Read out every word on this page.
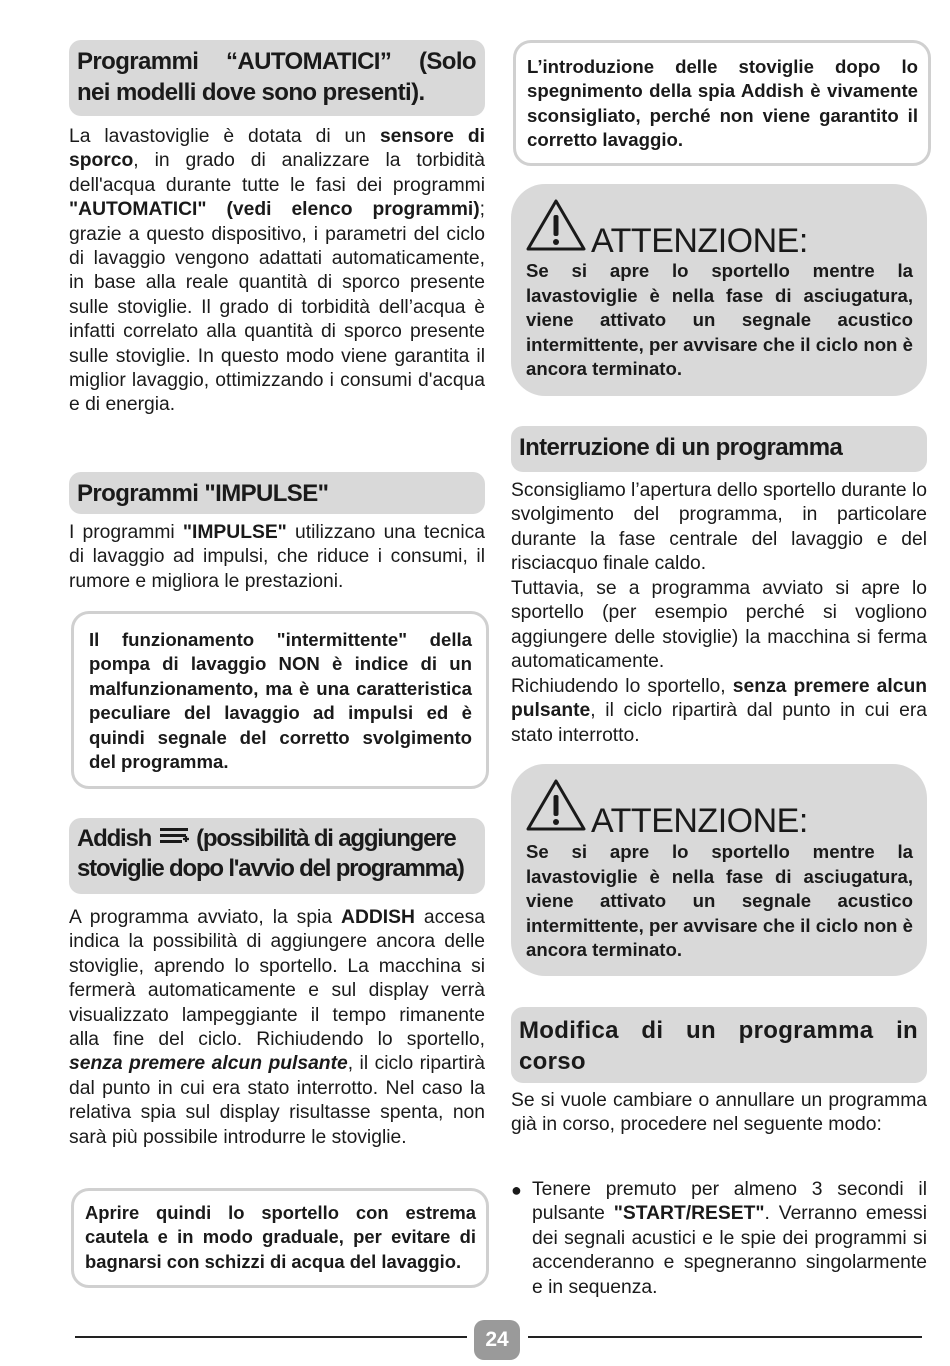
Programmi “AUTOMATICI” (Solo
nei modelli dove sono presenti).

La lavastoviglie è dotata di un sensore di sporco, in grado di analizzare la torbidità dell'acqua durante tutte le fasi dei programmi "AUTOMATICI" (vedi elenco programmi); grazie a questo dispositivo, i parametri del ciclo di lavaggio vengono adattati automaticamente, in base alla reale quantità di sporco presente sulle stoviglie. Il grado di torbidità dell’acqua è infatti correlato alla quantità di sporco presente sulle stoviglie. In questo modo viene garantita il miglior lavaggio, ottimizzando i consumi d'acqua e di energia.

Programmi "IMPULSE"

I programmi "IMPULSE" utilizzano una tecnica di lavaggio ad impulsi, che riduce i consumi, il rumore e migliora le prestazioni.

Il funzionamento "intermittente" della pompa di lavaggio NON è indice di un malfunzionamento, ma è una caratteristica peculiare del lavaggio ad impulsi ed è quindi segnale del corretto svolgimento del programma.
Addish (possibilità di aggiungere
stoviglie dopo l'avvio del programma)

A programma avviato, la spia ADDISH accesa indica la possibilità di aggiungere ancora delle stoviglie, aprendo lo sportello. La macchina si fermerà automaticamente e sul display verrà visualizzato lampeggiante il tempo rimanente alla fine del ciclo. Richiudendo lo sportello, senza premere alcun pulsante, il ciclo ripartirà dal punto in cui era stato interrotto. Nel caso la relativa spia sul display risultasse spenta, non sarà più possibile introdurre le stoviglie.

Aprire quindi lo sportello con estrema cautela e in modo graduale, per evitare di bagnarsi con schizzi di acqua del lavaggio.
L’introduzione delle stoviglie dopo lo spegnimento della spia Addish è vivamente sconsigliato, perché non viene garantito il corretto lavaggio.
ATTENZIONE:
Se si apre lo sportello mentre la lavastoviglie è nella fase di asciugatura, viene attivato un segnale acustico intermittente, per avvisare che il ciclo non è ancora terminato.
Interruzione di un programma

Sconsigliamo l’apertura dello sportello durante lo svolgimento del programma, in particolare durante la fase centrale del lavaggio e del risciacquo finale caldo.

Tuttavia, se a programma avviato si apre lo sportello (per esempio perché si vogliono aggiungere delle stoviglie) la macchina si ferma automaticamente.

Richiudendo lo sportello, senza premere alcun pulsante, il ciclo ripartirà dal punto in cui era stato interrotto.

ATTENZIONE:
Se si apre lo sportello mentre la lavastoviglie è nella fase di asciugatura, viene attivato un segnale acustico intermittente, per avvisare che il ciclo non è ancora terminato.
Modifica di un programma in
corso

Se si vuole cambiare o annullare un programma già in corso, procedere nel seguente modo:

● Tenere premuto per almeno 3 secondi il pulsante "START/RESET". Verranno emessi dei segnali acustici e le spie dei programmi si accenderanno e spegneranno singolarmente e in sequenza.
24
